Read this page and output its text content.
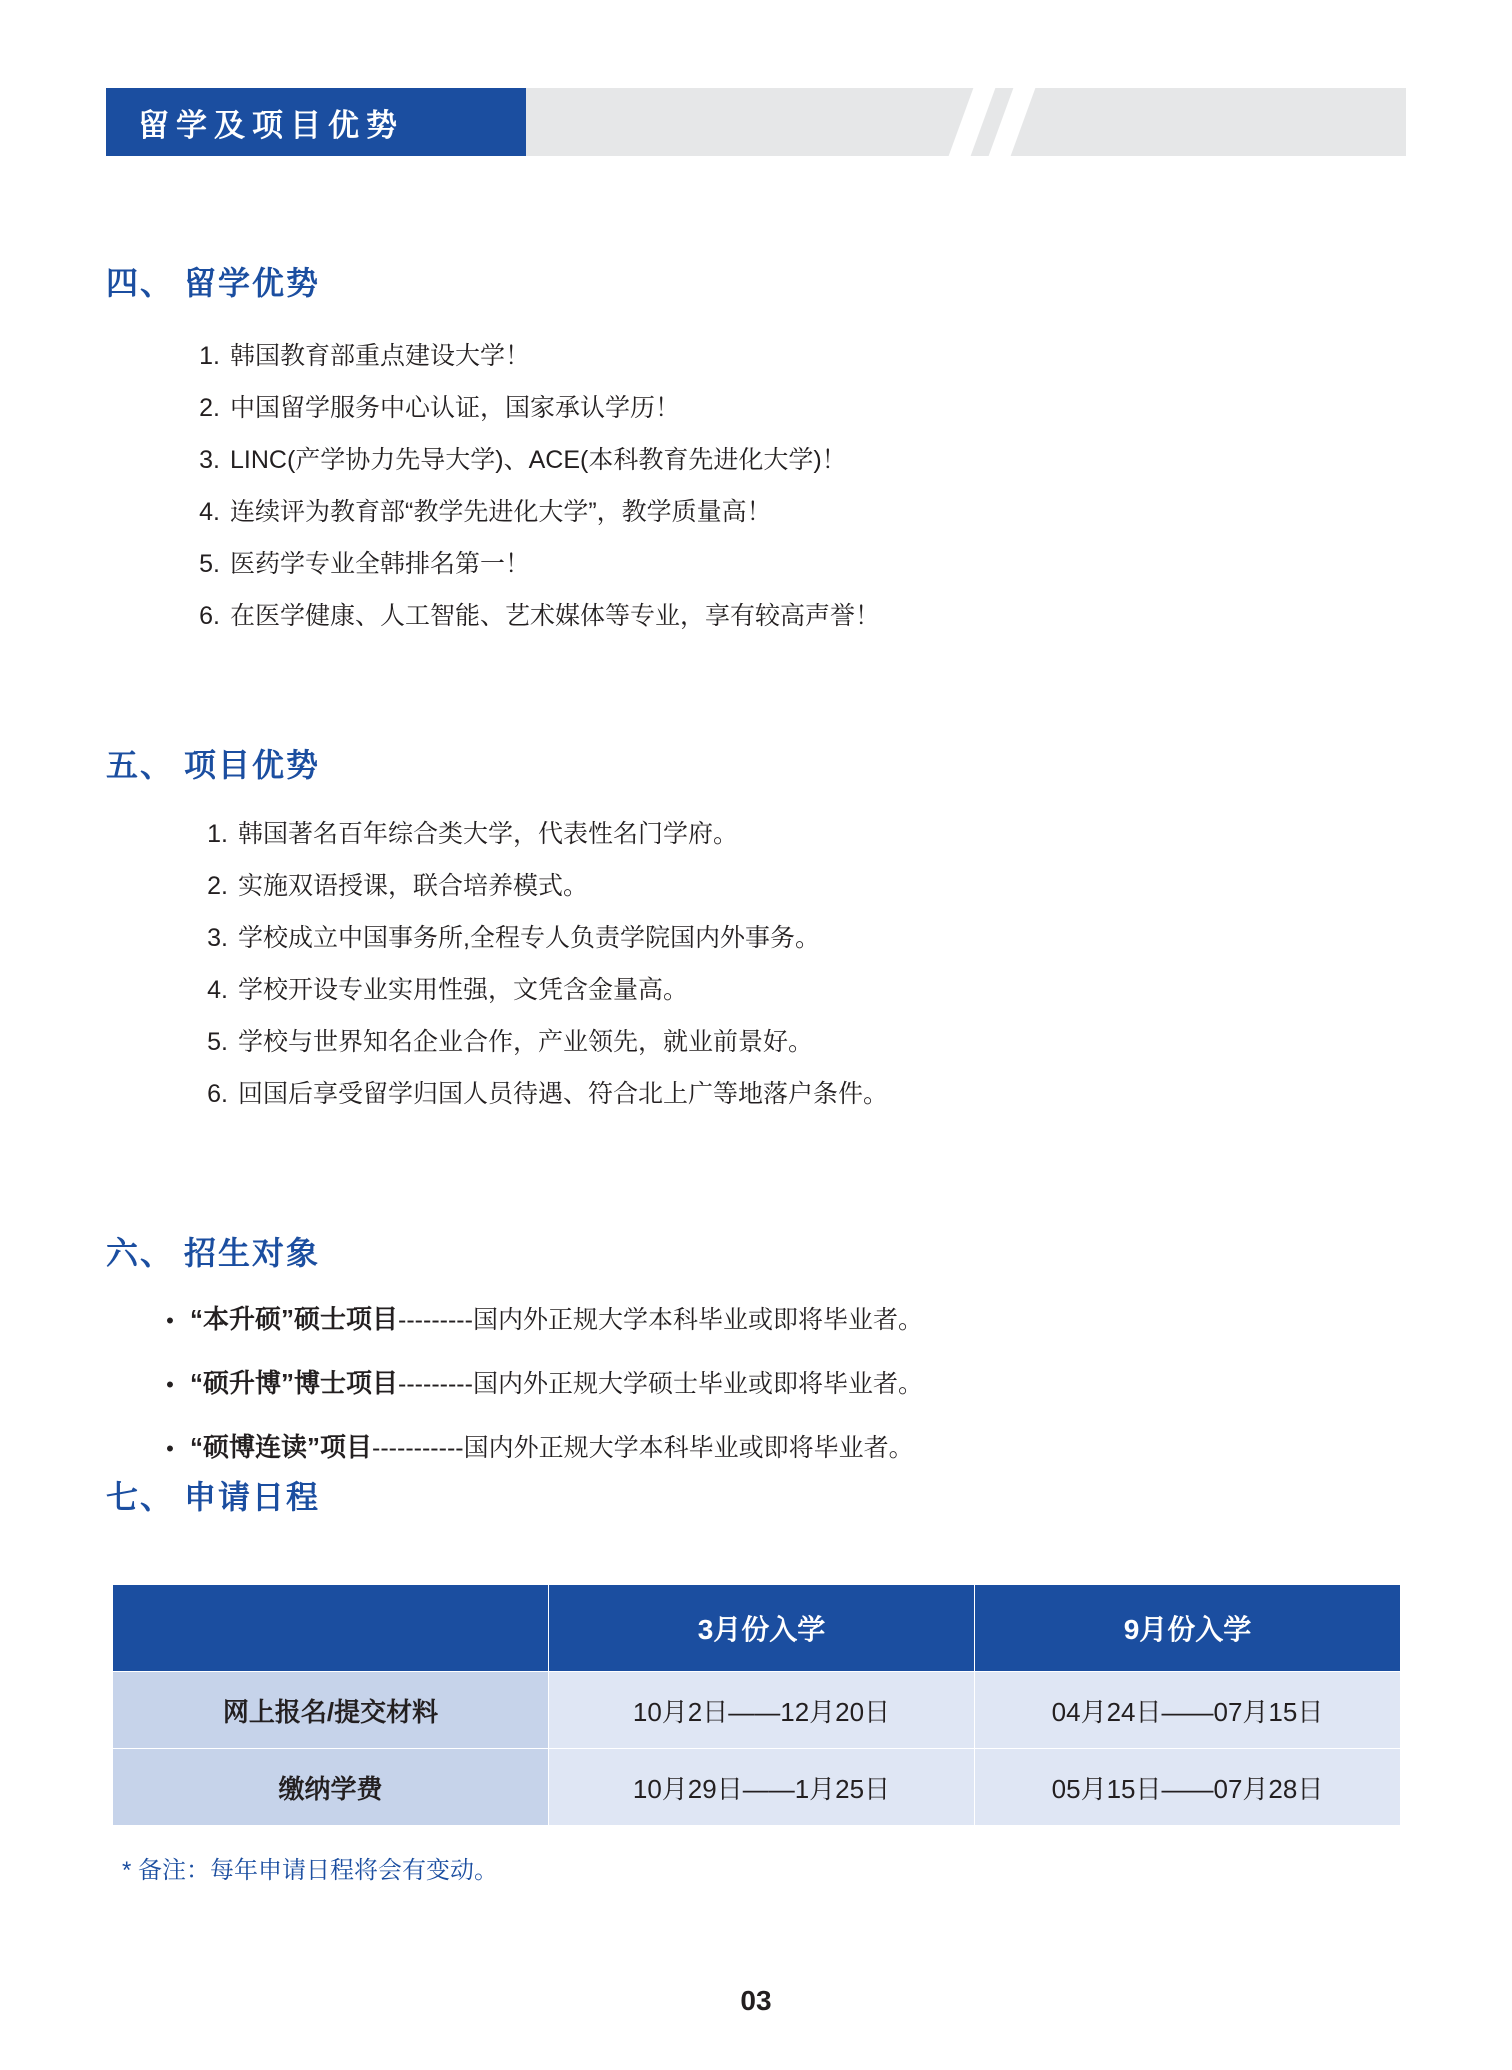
留学及项目优势
四、 留学优势
1. 韩国教育部重点建设大学！
2. 中国留学服务中心认证，国家承认学历！
3. LINC(产学协力先导大学)、ACE(本科教育先进化大学)！
4. 连续评为教育部“教学先进化大学”，教学质量高！
5. 医药学专业全韩排名第一！
6. 在医学健康、人工智能、艺术媒体等专业，享有较高声誉！
五、 项目优势
1. 韩国著名百年综合类大学，代表性名门学府。
2. 实施双语授课，联合培养模式。
3. 学校成立中国事务所,全程专人负责学院国内外事务。
4. 学校开设专业实用性强，文凭含金量高。
5. 学校与世界知名企业合作，产业领先，就业前景好。
6. 回国后享受留学归国人员待遇、符合北上广等地落户条件。
六、 招生对象
• “本升硕”硕士项目 ---------国内外正规大学本科毕业或即将毕业者。
• “硕升博”博士项目 ---------国内外正规大学硕士毕业或即将毕业者。
• “硕博连读”项目 -----------国内外正规大学本科毕业或即将毕业者。
七、 申请日程
	3月份入学	9月份入学
网上报名/提交材料	10月2日——12月20日	04月24日——07月15日
缴纳学费	10月29日——1月25日	05月15日——07月28日
* 备注：每年申请日程将会有变动。
03
